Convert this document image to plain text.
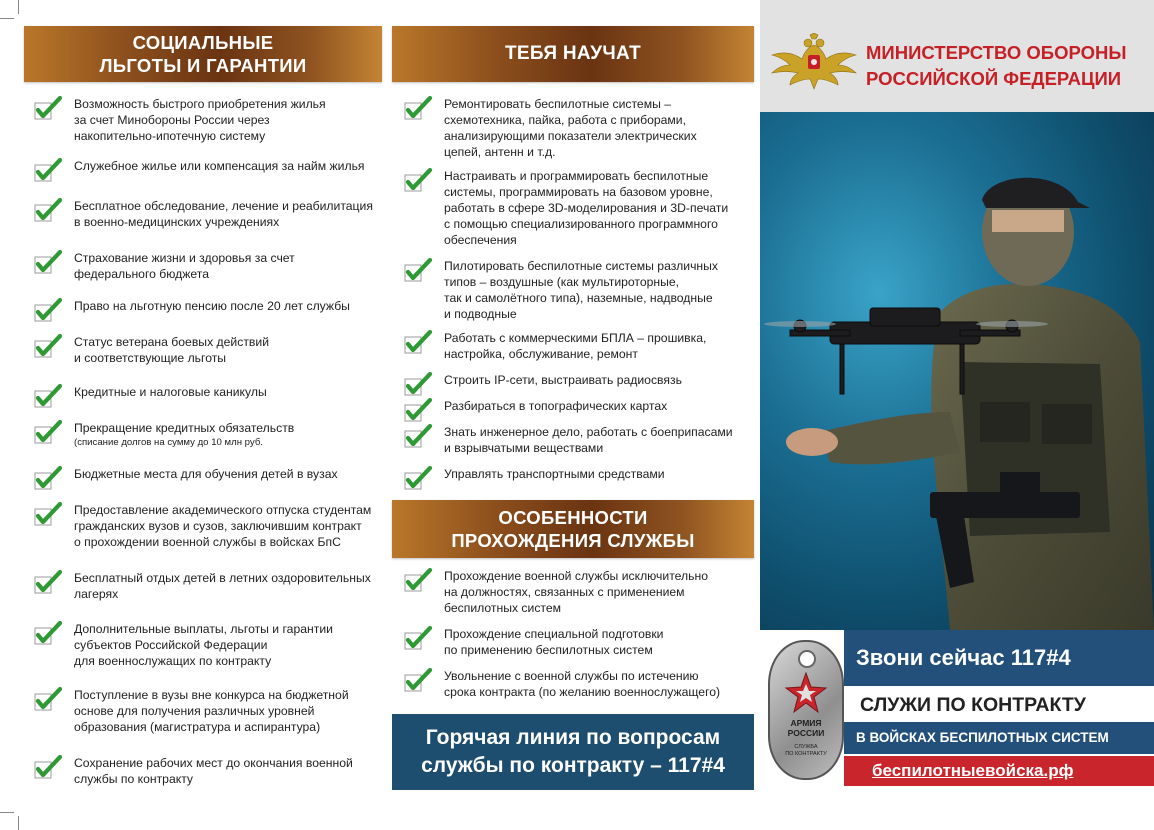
СОЦИАЛЬНЫЕ
ЛЬГОТЫ И ГАРАНТИИ
Возможность быстрого приобретения жилья
за счет Минобороны России через
накопительно-ипотечную систему
Служебное жилье или компенсация за найм жилья
Бесплатное обследование, лечение и реабилитация
в военно-медицинских учреждениях
Страхование жизни и здоровья за счет
федерального бюджета
Право на льготную пенсию после 20 лет службы
Статус ветерана боевых действий
и соответствующие льготы
Кредитные и налоговые каникулы
Прекращение кредитных обязательств
(списание долгов на сумму до 10 млн руб.
Бюджетные места для обучения детей в вузах
Предоставление академического отпуска студентам
гражданских вузов и сузов, заключившим контракт
о прохождении военной службы в войсках БпС
Бесплатный отдых детей в летних оздоровительных
лагерях
Дополнительные выплаты, льготы и гарантии
субъектов Российской Федерации
для военнослужащих по контракту
Поступление в вузы вне конкурса на бюджетной
основе для получения различных уровней
образования (магистратура и аспирантура)
Сохранение рабочих мест до окончания военной
службы по контракту
ТЕБЯ НАУЧАТ
Ремонтировать беспилотные системы –
схемотехника, пайка, работа с приборами,
анализирующими показатели электрических
цепей, антенн и т.д.
Настраивать и программировать беспилотные
системы, программировать на базовом уровне,
работать в сфере 3D-моделирования и 3D-печати
с помощью специализированного программного
обеспечения
Пилотировать беспилотные системы различных
типов – воздушные (как мультироторные,
так и самолётного типа), наземные, надводные
и подводные
Работать с коммерческими БПЛА – прошивка,
настройка, обслуживание, ремонт
Строить IP-сети, выстраивать радиосвязь
Разбираться в топографических картах
Знать инженерное дело, работать с боеприпасами
и взрывчатыми веществами
Управлять транспортными средствами
ОСОБЕННОСТИ
ПРОХОЖДЕНИЯ СЛУЖБЫ
Прохождение военной службы исключительно
на должностях, связанных с применением
беспилотных систем
Прохождение специальной подготовки
по применению беспилотных систем
Увольнение с военной службы по истечению
срока контракта (по желанию военнослужащего)
Горячая линия по вопросам
службы по контракту – 117#4
МИНИСТЕРСТВО ОБОРОНЫ
РОССИЙСКОЙ ФЕДЕРАЦИИ
Звони сейчас 117#4
СЛУЖИ ПО КОНТРАКТУ
В ВОЙСКАХ БЕСПИЛОТНЫХ СИСТЕМ
беспилотныевойска.рф
АРМИЯ
РОССИИ
СЛУЖБА
ПО КОНТРАКТУ
